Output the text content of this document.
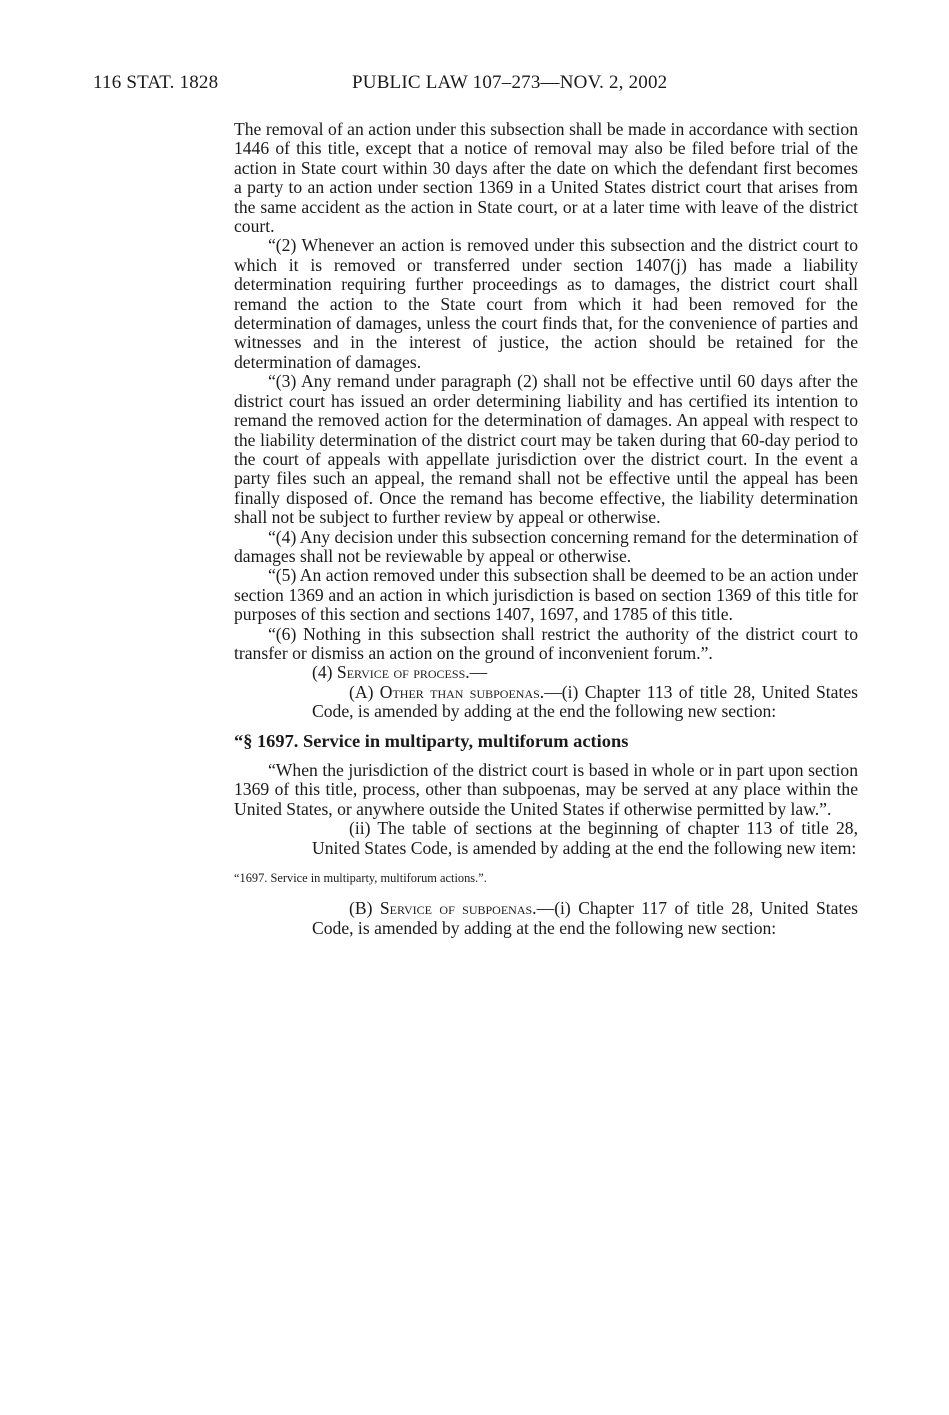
116 STAT. 1828	PUBLIC LAW 107–273—NOV. 2, 2002

The removal of an action under this subsection shall be made in accordance with section 1446 of this title, except that a notice of removal may also be filed before trial of the action in State court within 30 days after the date on which the defendant first becomes a party to an action under section 1369 in a United States district court that arises from the same accident as the action in State court, or at a later time with leave of the district court.

“(2) Whenever an action is removed under this subsection and the district court to which it is removed or transferred under section 1407(j) has made a liability determination requiring further proceedings as to damages, the district court shall remand the action to the State court from which it had been removed for the determination of damages, unless the court finds that, for the convenience of parties and witnesses and in the interest of justice, the action should be retained for the determination of damages.

“(3) Any remand under paragraph (2) shall not be effective until 60 days after the district court has issued an order determining liability and has certified its intention to remand the removed action for the determination of damages. An appeal with respect to the liability determination of the district court may be taken during that 60-day period to the court of appeals with appellate jurisdiction over the district court. In the event a party files such an appeal, the remand shall not be effective until the appeal has been finally disposed of. Once the remand has become effective, the liability determination shall not be subject to further review by appeal or otherwise.

“(4) Any decision under this subsection concerning remand for the determination of damages shall not be reviewable by appeal or otherwise.

“(5) An action removed under this subsection shall be deemed to be an action under section 1369 and an action in which jurisdiction is based on section 1369 of this title for purposes of this section and sections 1407, 1697, and 1785 of this title.

“(6) Nothing in this subsection shall restrict the authority of the district court to transfer or dismiss an action on the ground of inconvenient forum.”.

(4) Service of process.—

(A) Other than subpoenas.—(i) Chapter 113 of title 28, United States Code, is amended by adding at the end the following new section:

“§ 1697. Service in multiparty, multiforum actions

“When the jurisdiction of the district court is based in whole or in part upon section 1369 of this title, process, other than subpoenas, may be served at any place within the United States, or anywhere outside the United States if otherwise permitted by law.”.

(ii) The table of sections at the beginning of chapter 113 of title 28, United States Code, is amended by adding at the end the following new item:

“1697. Service in multiparty, multiforum actions.”.

(B) Service of subpoenas.—(i) Chapter 117 of title 28, United States Code, is amended by adding at the end the following new section:
